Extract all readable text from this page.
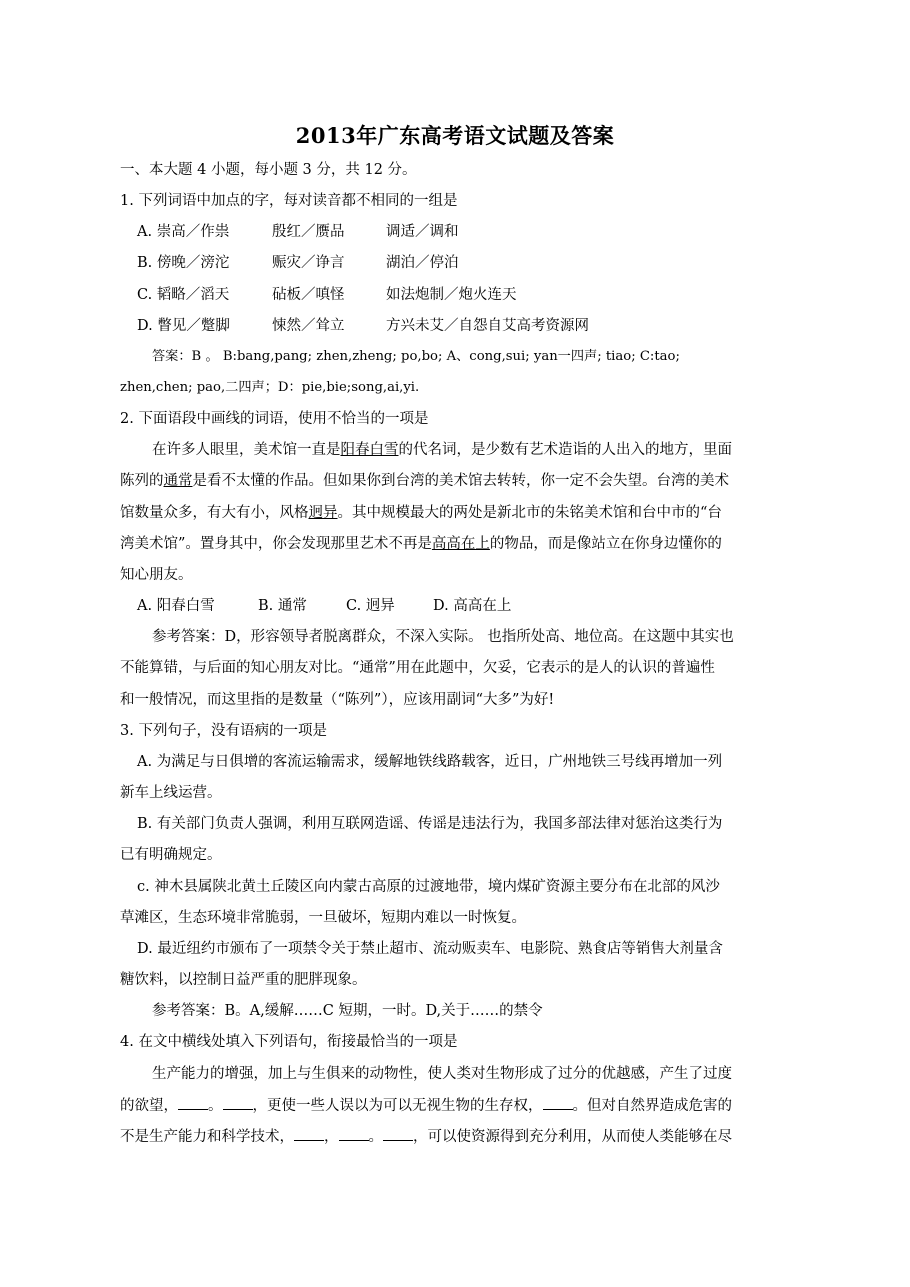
2013年广东高考语文试题及答案
一、本大题 4 小题，每小题 3 分，共 12 分。
1. 下列词语中加点的字，每对读音都不相同的一组是
A. 崇高／作祟	殷红／赝品	调适／调和
B. 傍晚／滂沱	赈灾／诤言	湖泊／停泊
C. 韬略／滔天	砧板／嗔怪	如法炮制／炮火连天
D. 瞥见／蹩脚	悚然／耸立	方兴未艾／自怨自艾高考资源网
答案：B 。 B:bang,pang; zhen,zheng; po,bo; A、cong,sui; yan一四声; tiao; C:tao;
zhen,chen; pao,二四声；D：pie,bie;song,ai,yi.
2. 下面语段中画线的词语，使用不恰当的一项是
在许多人眼里，美术馆一直是阳春白雪的代名词，是少数有艺术造诣的人出入的地方，里面
陈列的通常是看不太懂的作品。但如果你到台湾的美术馆去转转，你一定不会失望。台湾的美术
馆数量众多，有大有小，风格迥异。其中规模最大的两处是新北市的朱铭美术馆和台中市的“台
湾美术馆”。置身其中，你会发现那里艺术不再是高高在上的物品，而是像站立在你身边懂你的
知心朋友。
A. 阳春白雪	B. 通常	C. 迥异	D. 高高在上
参考答案：D，形容领导者脱离群众，不深入实际。 也指所处高、地位高。在这题中其实也
不能算错，与后面的知心朋友对比。“通常”用在此题中，欠妥，它表示的是人的认识的普遍性
和一般情况，而这里指的是数量（“陈列”），应该用副词“大多”为好!
3. 下列句子，没有语病的一项是
A. 为满足与日俱增的客流运输需求，缓解地铁线路载客，近日，广州地铁三号线再增加一列
新车上线运营。
B. 有关部门负责人强调，利用互联网造谣、传谣是违法行为，我国多部法律对惩治这类行为
已有明确规定。
c. 神木县属陕北黄土丘陵区向内蒙古高原的过渡地带，境内煤矿资源主要分布在北部的风沙
草滩区，生态环境非常脆弱，一旦破坏，短期内难以一时恢复。
D. 最近纽约市颁布了一项禁令关于禁止超市、流动贩卖车、电影院、熟食店等销售大剂量含
糖饮料，以控制日益严重的肥胖现象。
参考答案：B。A,缓解……C 短期，一时。D,关于……的禁令
4. 在文中横线处填入下列语句，衔接最恰当的一项是
生产能力的增强，加上与生俱来的动物性，使人类对生物形成了过分的优越感，产生了过度
的欲望， 。 ，更使一些人误以为可以无视生物的生存权， 。但对自然界造成危害的
不是生产能力和科学技术， ， 。 ，可以使资源得到充分利用，从而使人类能够在尽
